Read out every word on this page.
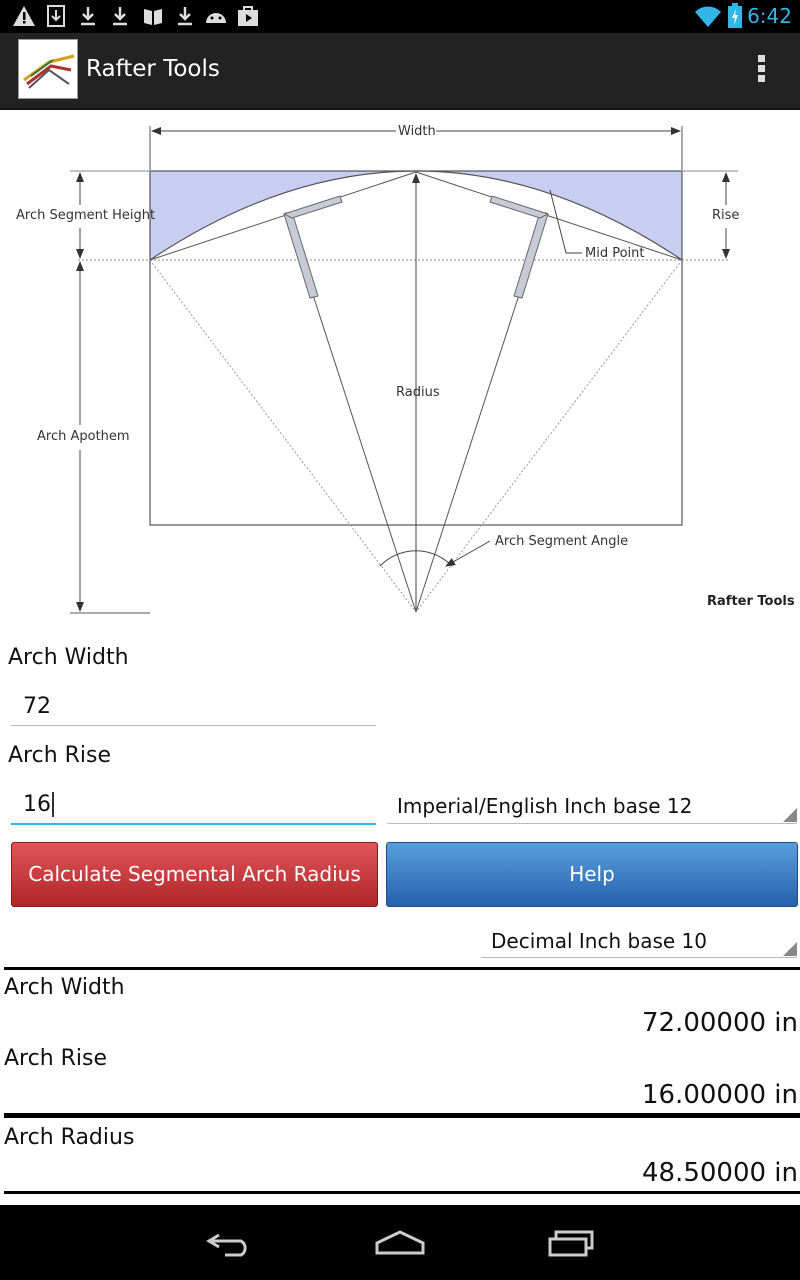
6:42
Rafter Tools
Width
Arch Segment Height	Rise
Mid Point
Radius
Arch Apothem
Arch Segment Angle
Rafter Tools
Arch Width
72
Arch Rise
16	Imperial/English Inch base 12
Calculate Segmental Arch Radius	Help
Decimal Inch base 10
Arch Width
72.00000 in
Arch Rise
16.00000 in
Arch Radius
48.50000 in
